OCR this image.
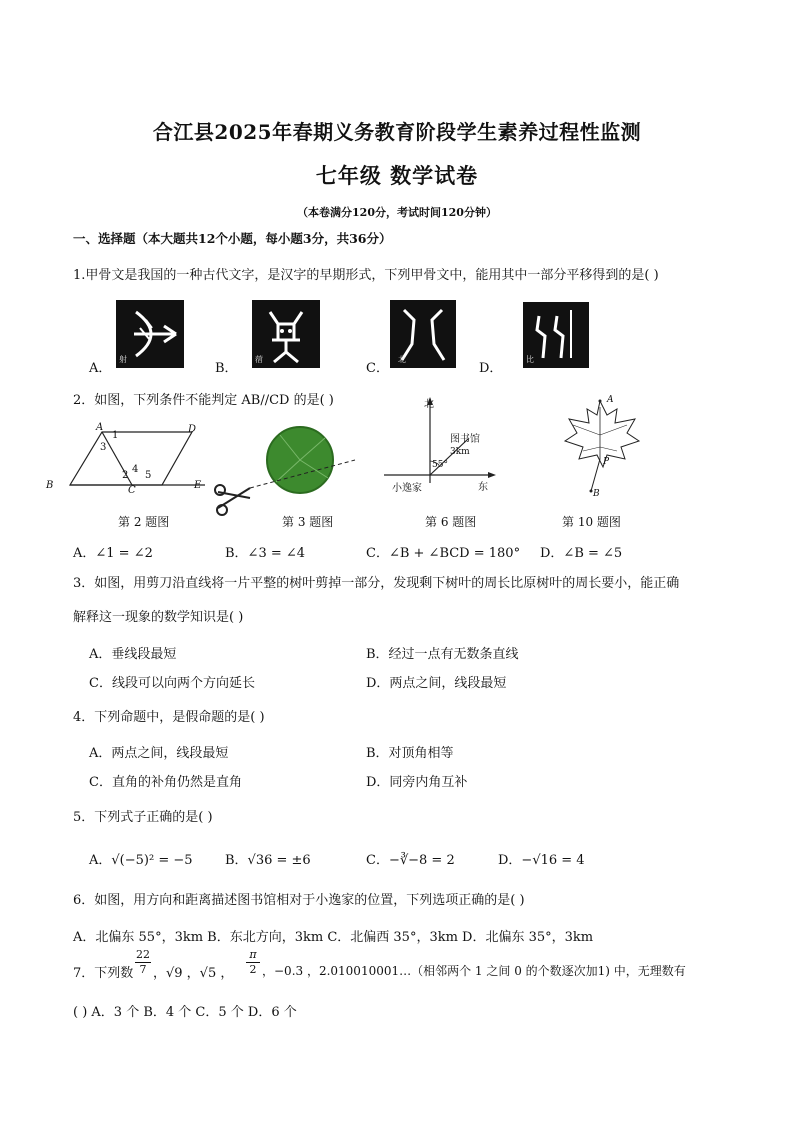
合江县2025年春期义务教育阶段学生素养过程性监测
七年级 数学试卷
（本卷满分120分，考试时间120分钟）
一、选择题（本大题共12个小题，每小题3分，共36分）
1.甲骨文是我国的一种古代文字，是汉字的早期形式，下列甲骨文中，能用其中一部分平移得到的是( )
A．
射
B．
蓿
C．
北
D．
比
2．如图，下列条件不能判定 AB//CD 的是( )
A	D
B	C	E
1
2
3
4
5
第 2 题图	第 3 题图
北
东
图书馆
3km
55°
小逸家
第 6 题图
A
P
B
第 10 题图
A．∠1 = ∠2	B．∠3 = ∠4	C．∠B + ∠BCD = 180° D．∠B = ∠5
3．如图，用剪刀沿直线将一片平整的树叶剪掉一部分，发现剩下树叶的周长比原树叶的周长要小，能正确
解释这一现象的数学知识是( )
A．垂线段最短	B．经过一点有无数条直线
C．线段可以向两个方向延长	D．两点之间，线段最短
4．下列命题中，是假命题的是( )
A．两点之间，线段最短	B．对顶角相等
C．直角的补角仍然是直角	D．同旁内角互补
5．下列式子正确的是( )
A．√(−5)² = −5 B．√36 = ±6	C．−∛−8 = 2	D．−√16 = 4
6．如图，用方向和距离描述图书馆相对于小逸家的位置，下列选项正确的是( )
A．北偏东 55°，3km B．东北方向，3km C．北偏西 35°，3km D．北偏东 35°，3km
7．下列数 $\frac{22}{7}$ ，√9 ，√5 ， $\frac{\pi}{2}$ ，−0.3 ，2.010010001…（相邻两个 1 之间 0 的个数逐次加1) 中，无理数有
( ) A．3 个 B．4 个 C．5 个 D．6 个
